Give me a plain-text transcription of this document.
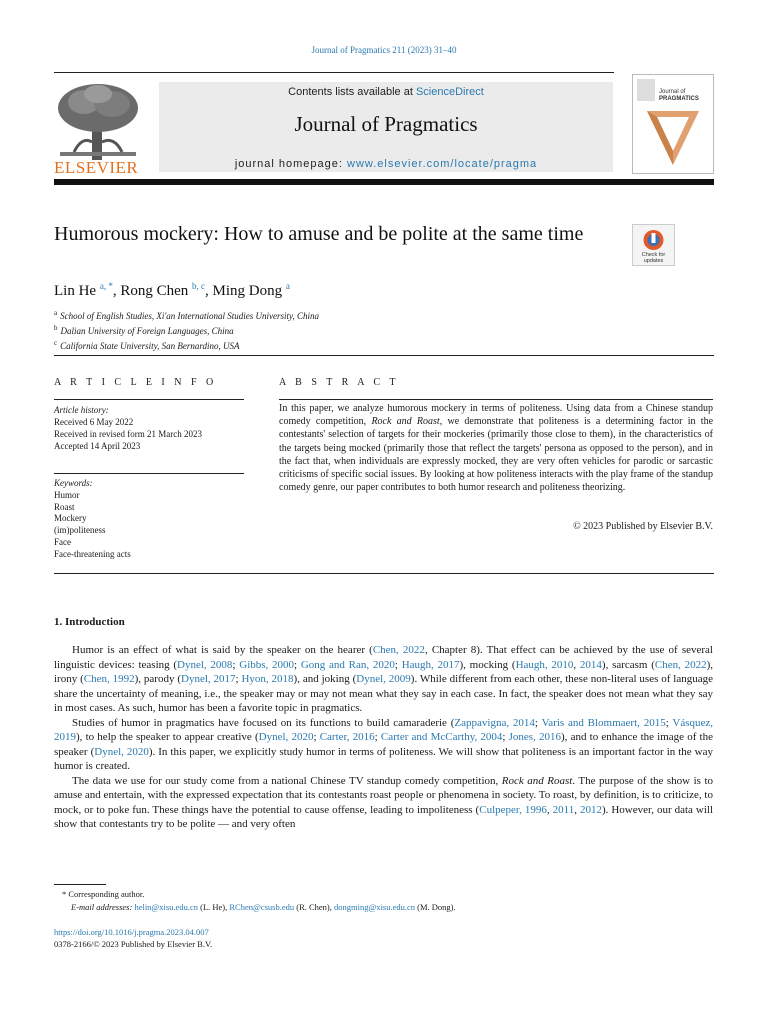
Journal of Pragmatics 211 (2023) 31–40
ELSEVIER
Contents lists available at ScienceDirect
Journal of Pragmatics
journal homepage: www.elsevier.com/locate/pragma
Journal of
PRAGMATICS
Humorous mockery: How to amuse and be polite at the same time
Check for updates
Lin He $^{a, *}$, Rong Chen $^{b, c}$, Ming Dong $^a$
$^a$ School of English Studies, Xi'an International Studies University, China
$^b$ Dalian University of Foreign Languages, China
$^c$ California State University, San Bernardino, USA
A R T I C L E I N F O	A B S T R A C T
Article history:
Received 6 May 2022
Received in revised form 21 March 2023
Accepted 14 April 2023
Keywords:
Humor
Roast
Mockery
(im)politeness
Face
Face-threatening acts
In this paper, we analyze humorous mockery in terms of politeness. Using data from a Chinese standup comedy competition, Rock and Roast, we demonstrate that politeness is a determining factor in the contestants' selection of targets for their mockeries (primarily those close to them), in the characteristics of the targets being mocked (primarily those that reflect the targets' persona as opposed to the person), and in the fact that, when individuals are expressly mocked, they are very often vehicles for parodic or sarcastic criticisms of specific social issues. By looking at how politeness interacts with the play frame of the standup comedy genre, our paper contributes to both humor research and politeness theorizing.
© 2023 Published by Elsevier B.V.
1. Introduction

Humor is an effect of what is said by the speaker on the hearer (Chen, 2022, Chapter 8). That effect can be achieved by the use of several linguistic devices: teasing (Dynel, 2008; Gibbs, 2000; Gong and Ran, 2020; Haugh, 2017), mocking (Haugh, 2010, 2014), sarcasm (Chen, 2022), irony (Chen, 1992), parody (Dynel, 2017; Hyon, 2018), and joking (Dynel, 2009). While different from each other, these non-literal uses of language share the uncertainty of meaning, i.e., the speaker may or may not mean what they say in each case. In fact, the speaker does not mean what they say in most cases. As such, humor has been a favorite topic in pragmatics.

Studies of humor in pragmatics have focused on its functions to build camaraderie (Zappavigna, 2014; Varis and Blommaert, 2015; Vásquez, 2019), to help the speaker to appear creative (Dynel, 2020; Carter, 2016; Carter and McCarthy, 2004; Jones, 2016), and to enhance the image of the speaker (Dynel, 2020). In this paper, we explicitly study humor in terms of politeness. We will show that politeness is an important factor in the way humor is created.

The data we use for our study come from a national Chinese TV standup comedy competition, Rock and Roast. The purpose of the show is to amuse and entertain, with the expressed expectation that its contestants roast people or phenomena in society. To roast, by definition, is to criticize, to mock, or to poke fun. These things have the potential to cause offense, leading to impoliteness (Culpeper, 1996, 2011, 2012). However, our data will show that contestants try to be polite — and very often

* Corresponding author.
E-mail addresses: helin@xisu.edu.cn (L. He), RChen@csusb.edu (R. Chen), dongming@xisu.edu.cn (M. Dong).
https://doi.org/10.1016/j.pragma.2023.04.007
0378-2166/© 2023 Published by Elsevier B.V.
